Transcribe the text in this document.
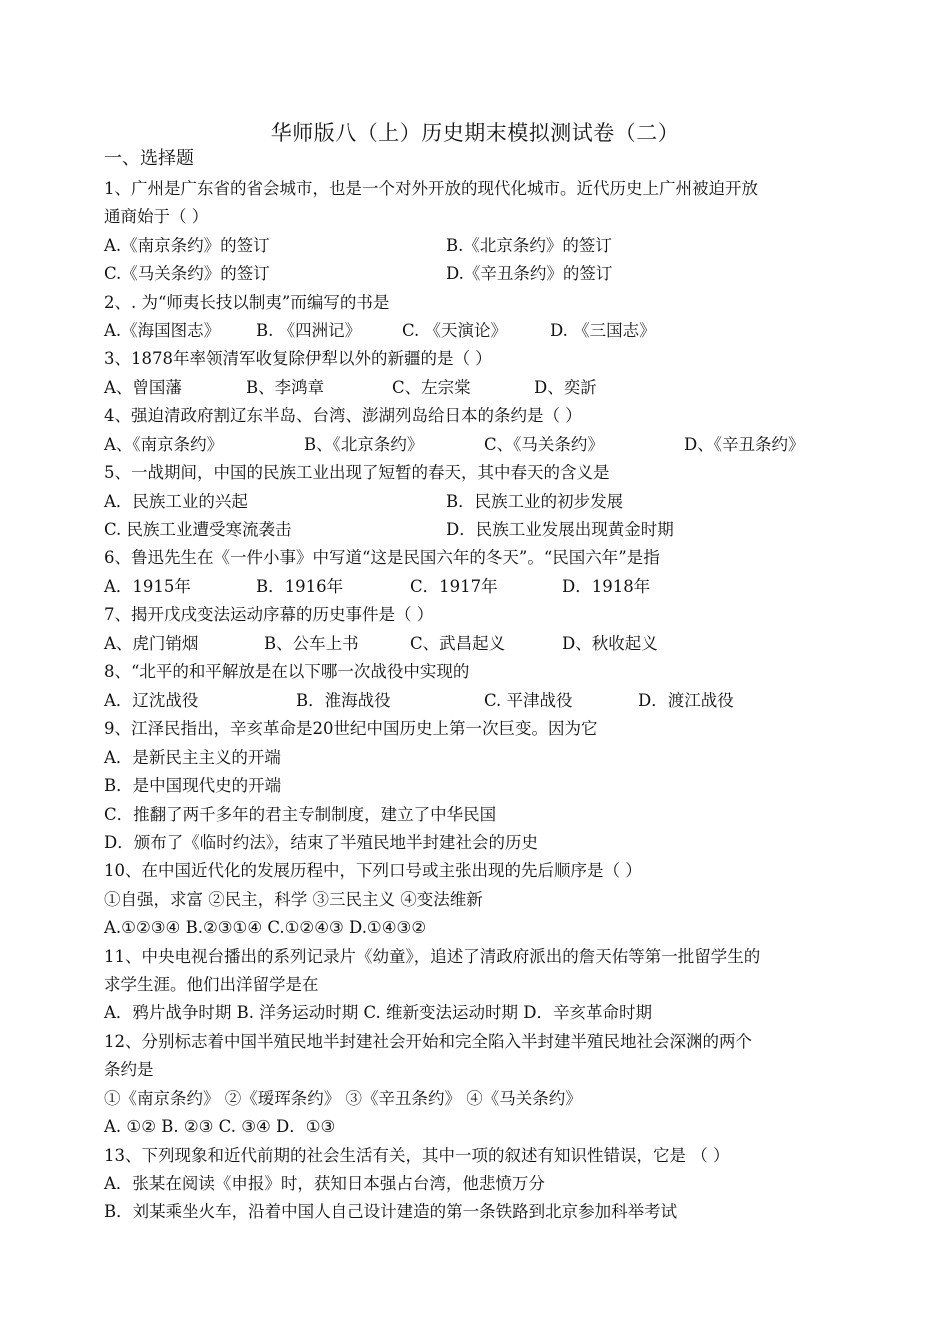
华师版八（上）历史期末模拟测试卷（二）
一、选择题
1、广州是广东省的省会城市，也是一个对外开放的现代化城市。近代历史上广州被迫开放
通商始于（ ）
A.《南京条约》的签订	B.《北京条约》的签订
C.《马关条约》的签订	D.《辛丑条约》的签订
2、. 为“师夷长技以制夷”而编写的书是
A.《海国图志》 B. 《四洲记》 C. 《天演论》	D. 《三国志》
3、1878年率领清军收复除伊犁以外的新疆的是（ ）
A、曾国藩	B、李鸿章	C、左宗棠	D、奕訢
4、强迫清政府割辽东半岛、台湾、澎湖列岛给日本的条约是（ ）
A、《南京条约》	B、《北京条约》	C、《马关条约》	D、《辛丑条约》
5、一战期间，中国的民族工业出现了短暂的春天，其中春天的含义是
A．民族工业的兴起	B．民族工业的初步发展
C. 民族工业遭受寒流袭击	D．民族工业发展出现黄金时期
6、鲁迅先生在《一件小事》中写道“这是民国六年的冬天”。“民国六年”是指
A．1915年	B．1916年	C．1917年	D．1918年
7、揭开戊戌变法运动序幕的历史事件是（ ）
A、虎门销烟	B、公车上书	C、武昌起义	D、秋收起义
8、“北平的和平解放是在以下哪一次战役中实现的
A．辽沈战役	B．淮海战役	C. 平津战役	D．渡江战役
9、江泽民指出，辛亥革命是20世纪中国历史上第一次巨变。因为它
A．是新民主主义的开端
B．是中国现代史的开端
C．推翻了两千多年的君主专制制度，建立了中华民国
D．颁布了《临时约法》，结束了半殖民地半封建社会的历史
10、在中国近代化的发展历程中，下列口号或主张出现的先后顺序是（ ）
①自强，求富 ②民主，科学 ③三民主义 ④变法维新
A.①②③④ B.②③①④ C.①②④③ D.①④③②
11、中央电视台播出的系列记录片《幼童》，追述了清政府派出的詹天佑等第一批留学生的
求学生涯。他们出洋留学是在
A．鸦片战争时期 B. 洋务运动时期 C. 维新变法运动时期 D．辛亥革命时期
12、分别标志着中国半殖民地半封建社会开始和完全陷入半封建半殖民地社会深渊的两个
条约是
①《南京条约》 ②《瑷珲条约》 ③《辛丑条约》 ④《马关条约》
A. ①② B. ②③ C. ③④ D．①③
13、下列现象和近代前期的社会生活有关，其中一项的叙述有知识性错误，它是 （ ）
A．张某在阅读《申报》时，获知日本强占台湾，他悲愤万分
B．刘某乘坐火车，沿着中国人自己设计建造的第一条铁路到北京参加科举考试
